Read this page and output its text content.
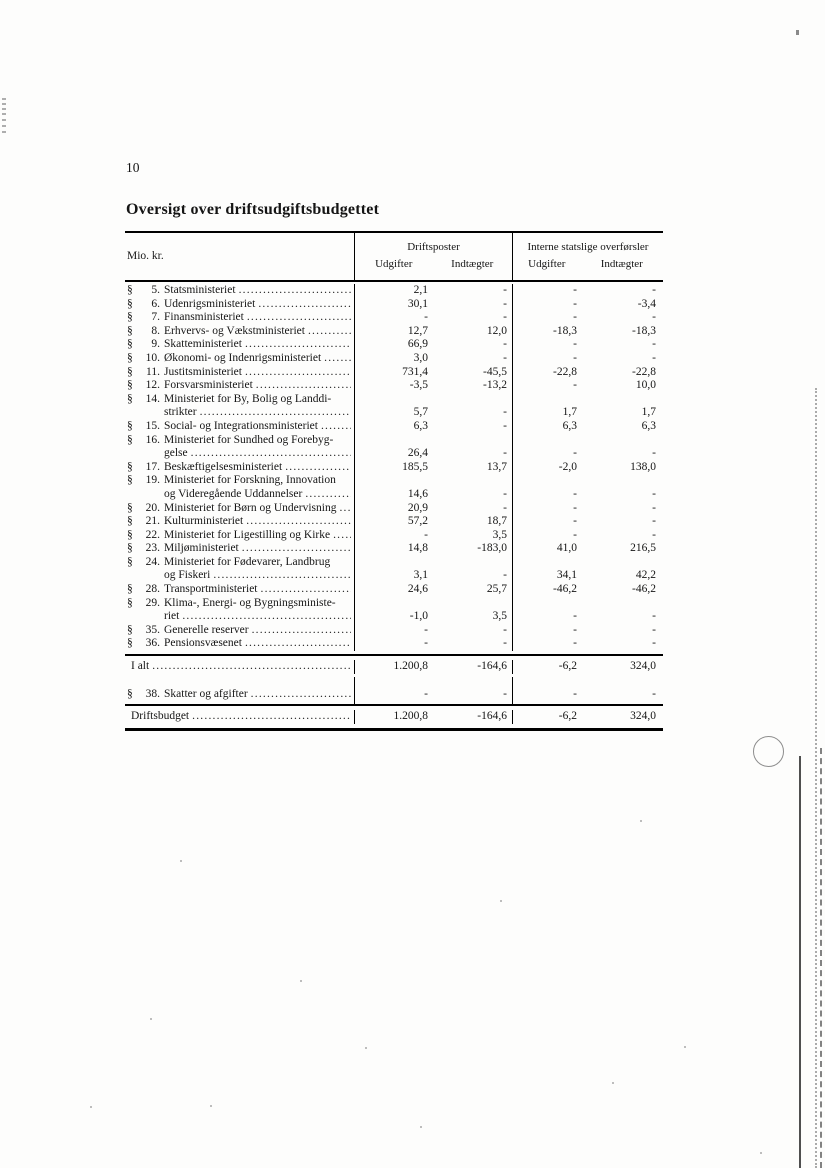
10
Oversigt over driftsudgiftsbudgettet
Mio. kr.
Driftsposter
Udgifter	Indtægter
Interne statslige overførsler
Udgifter	Indtægter
§ 5. Statsministeriet .....	2,1	-	-	-
§ 6. Udenrigsministeriet .....	30,1	-	-	-3,4
§ 7. Finansministeriet .....	-	-	-	-
§ 8. Erhvervs- og Vækstministeriet .....	12,7	12,0	-18,3	-18,3
§ 9. Skatteministeriet .....	66,9	-	-	-
§ 10. Økonomi- og Indenrigsministeriet .....	3,0	-	-	-
§ 11. Justitsministeriet .....	731,4	-45,5	-22,8	-22,8
§ 12. Forsvarsministeriet .....	-3,5	-13,2	-	10,0
§ 14. Ministeriet for By, Bolig og Landdi-
strikter .....	5,7	-	1,7	1,7
§ 15. Social- og Integrationsministeriet .....	6,3	-	6,3	6,3
§ 16. Ministeriet for Sundhed og Forebyg-
gelse .....	26,4	-	-	-
§ 17. Beskæftigelsesministeriet .....	185,5	13,7	-2,0	138,0
§ 19. Ministeriet for Forskning, Innovation
og Videregående Uddannelser .....	14,6	-	-	-
§ 20. Ministeriet for Børn og Undervisning .....	20,9	-	-	-
§ 21. Kulturministeriet .....	57,2	18,7	-	-
§ 22. Ministeriet for Ligestilling og Kirke .....	-	3,5	-	-
§ 23. Miljøministeriet .....	14,8	-183,0	41,0	216,5
§ 24. Ministeriet for Fødevarer, Landbrug
og Fiskeri .....	3,1	-	34,1	42,2
§ 28. Transportministeriet .....	24,6	25,7	-46,2	-46,2
§ 29. Klima-, Energi- og Bygningsministe-
riet .....	-1,0	3,5	-	-
§ 35. Generelle reserver .....	-	-	-	-
§ 36. Pensionsvæsenet .....	-	-	-	-
I alt .....	1.200,8	-164,6	-6,2	324,0
§ 38. Skatter og afgifter .....	-	-	-	-
Driftsbudget .....	1.200,8	-164,6	-6,2	324,0
